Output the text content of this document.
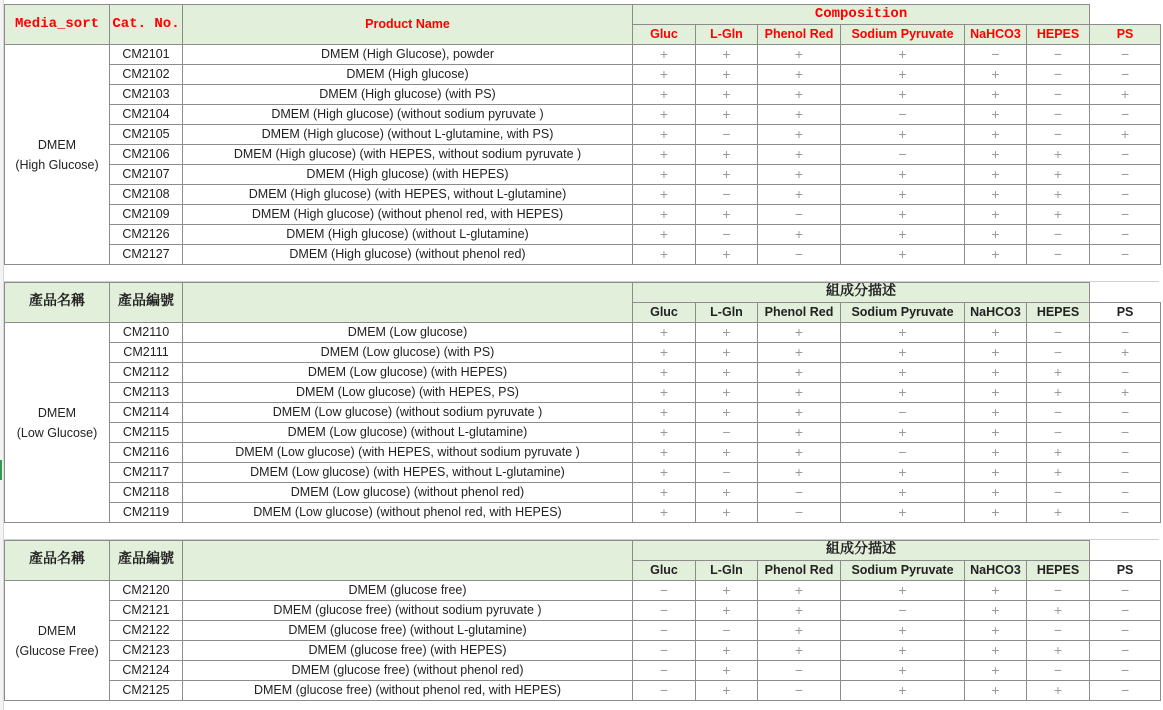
Media_sort	Cat. No.	Product Name	Composition						
			Gluc	L-Gln	Phenol Red	Sodium Pyruvate	NaHCO3	HEPES	PS

DMEM
(High Glucose)	CM2101	DMEM (High Glucose), powder	+	+	+	+	−	−	−
	CM2102	DMEM (High glucose)	+	+	+	+	+	−	−
	CM2103	DMEM (High glucose) (with PS)	+	+	+	+	+	−	+
	CM2104	DMEM (High glucose) (without sodium pyruvate )	+	+	+	−	+	−	−
	CM2105	DMEM (High glucose) (without L-glutamine, with PS)	+	−	+	+	+	−	+
	CM2106	DMEM (High glucose) (with HEPES, without sodium pyruvate )	+	+	+	−	+	+	−
	CM2107	DMEM (High glucose) (with HEPES)	+	+	+	+	+	+	−
	CM2108	DMEM (High glucose) (with HEPES, without L-glutamine)	+	−	+	+	+	+	−
	CM2109	DMEM (High glucose) (without phenol red, with HEPES)	+	+	−	+	+	+	−
	CM2126	DMEM (High glucose) (without L-glutamine)	+	−	+	+	+	−	−
	CM2127	DMEM (High glucose) (without phenol red)	+	+	−	+	+	−	−
產品名稱	產品編號		組成分描述						
			Gluc	L-Gln	Phenol Red	Sodium Pyruvate	NaHCO3	HEPES	PS

DMEM
(Low Glucose)	CM2110	DMEM (Low glucose)	+	+	+	+	+	−	−
	CM2111	DMEM (Low glucose) (with PS)	+	+	+	+	+	−	+
	CM2112	DMEM (Low glucose) (with HEPES)	+	+	+	+	+	+	−
	CM2113	DMEM (Low glucose) (with HEPES, PS)	+	+	+	+	+	+	+
	CM2114	DMEM (Low glucose) (without sodium pyruvate )	+	+	+	−	+	−	−
	CM2115	DMEM (Low glucose) (without L-glutamine)	+	−	+	+	+	−	−
	CM2116	DMEM (Low glucose) (with HEPES, without sodium pyruvate )	+	+	+	−	+	+	−
	CM2117	DMEM (Low glucose) (with HEPES, without L-glutamine)	+	−	+	+	+	+	−
	CM2118	DMEM (Low glucose) (without phenol red)	+	+	−	+	+	−	−
	CM2119	DMEM (Low glucose) (without phenol red, with HEPES)	+	+	−	+	+	+	−
產品名稱	產品編號		組成分描述						
			Gluc	L-Gln	Phenol Red	Sodium Pyruvate	NaHCO3	HEPES	PS

DMEM
(Glucose Free)	CM2120	DMEM (glucose free)	−	+	+	+	+	−	−
	CM2121	DMEM (glucose free) (without sodium pyruvate )	−	+	+	−	+	+	−
	CM2122	DMEM (glucose free) (without L-glutamine)	−	−	+	+	+	−	−
	CM2123	DMEM (glucose free) (with HEPES)	−	+	+	+	+	+	−
	CM2124	DMEM (glucose free) (without phenol red)	−	+	−	+	+	−	−
	CM2125	DMEM (glucose free) (without phenol red, with HEPES)	−	+	−	+	+	+	−
